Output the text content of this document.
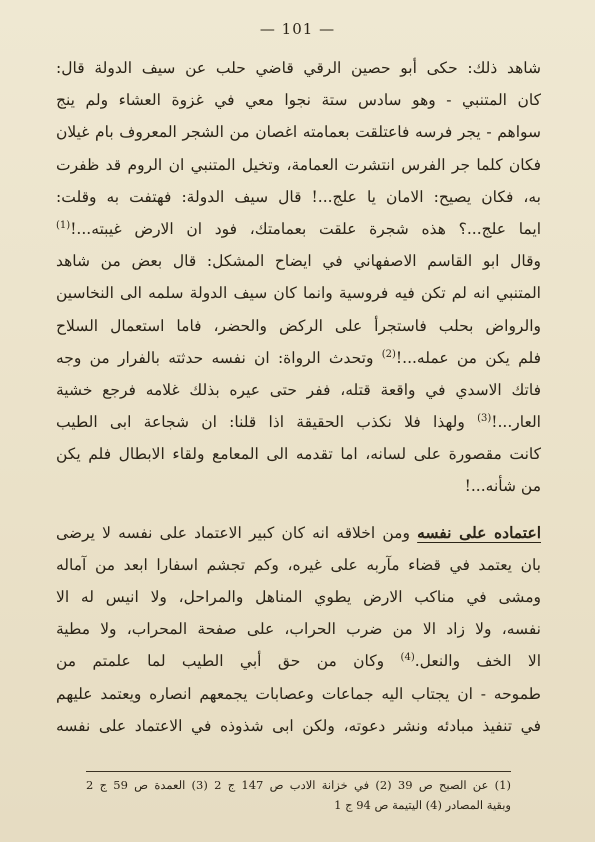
— 101 —
شاهد ذلك: حكى أبو حصين الرقي قاضي حلب عن سيف الدولة قال:
كان المتنبي - وهو سادس ستة نجوا معي في غزوة العشاء ولم ينج
سواهم - يجر فرسه فاعتلقت بعمامته اغصان من الشجر المعروف بام غيلان
فكان كلما جر الفرس انتشرت العمامة، وتخيل المتنبي ان الروم قد ظفرت
به، فكان يصيح: الامان يا علج...! قال سيف الدولة: فهتفت به وقلت:
ايما علج...؟ هذه شجرة علقت بعمامتك، فود ان الارض غيبته...!$^{(1)}$
وقال ابو القاسم الاصفهاني في ايضاح المشكل: قال بعض من شاهد
المتنبي انه لم تكن فيه فروسية وانما كان سيف الدولة سلمه الى النخاسين
والرواض بحلب فاستجرأ على الركض والحضر، فاما استعمال السلاح
فلم يكن من عمله...!$^{(2)}$ وتحدث الرواة: ان نفسه حدثته بالفرار من وجه
فاتك الاسدي في واقعة قتله، ففر حتى عيره بذلك غلامه فرجع خشية
العار...!$^{(3)}$ ولهذا فلا نكذب الحقيقة اذا قلنا: ان شجاعة ابى الطيب
كانت مقصورة على لسانه، اما تقدمه الى المعامع ولقاء الابطال فلم يكن
من شأنه...!
اعتماده على نفسه ومن اخلاقه انه كان كبير الاعتماد على نفسه لا يرضى
بان يعتمد في قضاء مآربه على غيره، وكم تجشم اسفارا ابعد من آماله
ومشى في مناكب الارض يطوي المناهل والمراحل، ولا انيس له الا
نفسه، ولا زاد الا من ضرب الحراب، على صفحة المحراب، ولا مطية
الا الخف والنعل.$^{(4)}$ وكان من حق أبي الطيب لما علمتم من
طموحه - ان يجتاب اليه جماعات وعصابات يجمعهم انصاره ويعتمد عليهم
في تنفيذ مبادئه ونشر دعوته، ولكن ابى شذوذه في الاعتماد على نفسه
(1) عن الصبح ص 39 (2) في خزانة الادب ص 147 ج 2 (3) العمدة ص 59 ج 2
وبقية المصادر (4) اليتيمة ص 94 ج 1
